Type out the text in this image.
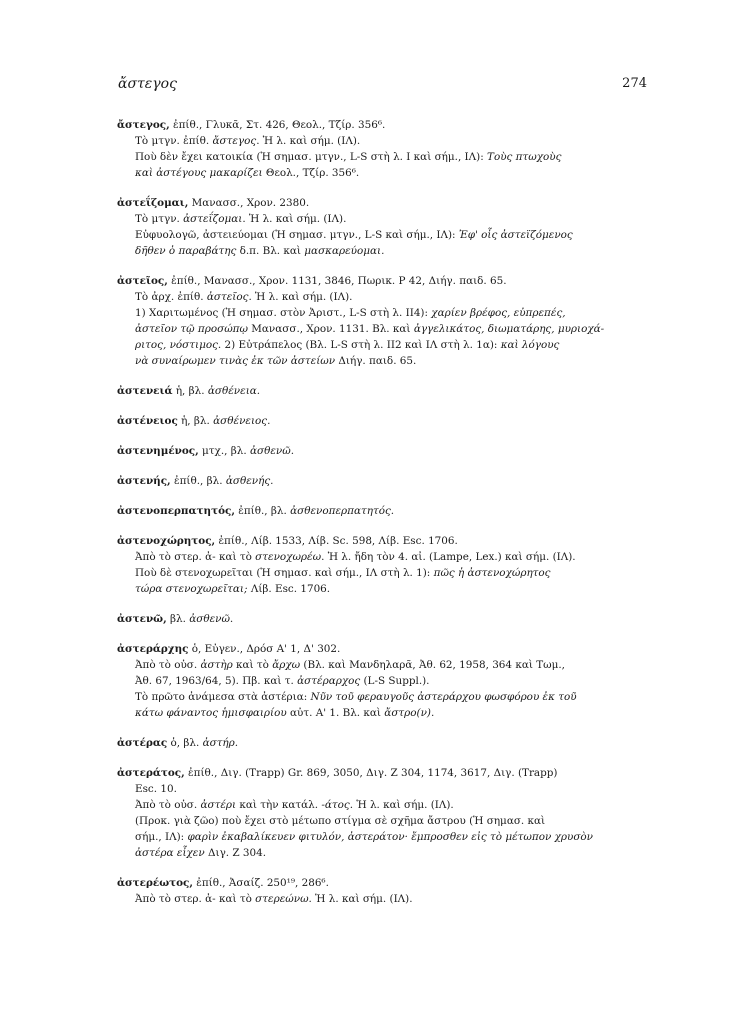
ἄστεγος	274
ἄστεγος, ἐπίθ., Γλυκᾶ, Στ. 426, Θεολ., Τζίρ. 356⁶.
Τὸ μτγν. ἐπίθ. ἄστεγος. Ἡ λ. καὶ σήμ. (ΙΛ).
Ποὺ δὲν ἔχει κατοικία (Ἡ σημασ. μτγν., L-S στὴ λ. Ι καὶ σήμ., ΙΛ): Τοὺς πτωχοὺς
καὶ ἀστέγους μακαρίζει Θεολ., Τζίρ. 356⁶.
ἀστεΐζομαι, Μανασσ., Χρον. 2380.
Τὸ μτγν. ἀστεΐζομαι. Ἡ λ. καὶ σήμ. (ΙΛ).
Εὐφυολογῶ, ἀστειεύομαι (Ἡ σημασ. μτγν., L-S καὶ σήμ., ΙΛ): Ἐφ' οἷς ἀστεϊζόμενος
δῆθεν ὁ παραβάτης δ.π. Βλ. καὶ μασκαρεύομαι.
ἀστεῖος, ἐπίθ., Μανασσ., Χρον. 1131, 3846, Πωρικ. Ρ 42, Διήγ. παιδ. 65.
Τὸ ἀρχ. ἐπίθ. ἀστεῖος. Ἡ λ. καὶ σήμ. (ΙΛ).
1) Χαριτωμένος (Ἡ σημασ. στὸν Ἀριστ., L-S στὴ λ. ΙΙ4): χαρίεν βρέφος, εὐπρεπές,
ἀστεῖον τῷ προσώπῳ Μανασσ., Χρον. 1131. Βλ. καὶ ἀγγελικάτος, διωματάρης, μυριοχά-
ριτος, νόστιμος. 2) Εὐτράπελος (Βλ. L-S στὴ λ. ΙΙ2 καὶ ΙΛ στὴ λ. 1α): καὶ λόγους
νὰ συναίρωμεν τινὰς ἐκ τῶν ἀστείων Διήγ. παιδ. 65.
ἀστενειά ἡ, βλ. ἀσθένεια.
ἀστένειος ἡ, βλ. ἀσθένειος.
ἀστενημένος, μτχ., βλ. ἀσθενῶ.
ἀστενής, ἐπίθ., βλ. ἀσθενής.
ἀστενοπερπατητός, ἐπίθ., βλ. ἀσθενοπερπατητός.
ἀστενοχώρητος, ἐπίθ., Λίβ. 1533, Λίβ. Sc. 598, Λίβ. Esc. 1706.
Ἀπὸ τὸ στερ. ἀ- καὶ τὸ στενοχωρέω. Ἡ λ. ἤδη τὸν 4. αἰ. (Lampe, Lex.) καὶ σήμ. (ΙΛ).
Ποὺ δὲ στενοχωρεῖται (Ἡ σημασ. καὶ σήμ., ΙΛ στὴ λ. 1): πῶς ἡ ἀστενοχώρητος
τώρα στενοχωρεῖται; Λίβ. Esc. 1706.
ἀστενῶ, βλ. ἀσθενῶ.
ἀστεράρχης ὁ, Εὐγεν., Δρόσ Α' 1, Δ' 302.
Ἀπὸ τὸ οὐσ. ἀστὴρ καὶ τὸ ἄρχω (Βλ. καὶ Μανδηλαρᾶ, Ἀθ. 62, 1958, 364 καὶ Τωμ.,
Ἀθ. 67, 1963/64, 5). Πβ. καὶ τ. ἀστέραρχος (L-S Suppl.).
Τὸ πρῶτο ἀνάμεσα στὰ ἀστέρια: Νῦν τοῦ φεραυγοῦς ἀστεράρχου φωσφόρου ἐκ τοῦ
κάτω φάναντος ἡμισφαιρίου αὐτ. Α' 1. Βλ. καὶ ἄστρο(ν).
ἀστέρας ὁ, βλ. ἀστήρ.
ἀστεράτος, ἐπίθ., Διγ. (Trapp) Gr. 869, 3050, Διγ. Ζ 304, 1174, 3617, Διγ. (Trapp)
Esc. 10.
Ἀπὸ τὸ οὐσ. ἀστέρι καὶ τὴν κατάλ. -άτος. Ἡ λ. καὶ σήμ. (ΙΛ).
(Προκ. γιὰ ζῶο) ποὺ ἔχει στὸ μέτωπο στίγμα σὲ σχῆμα ἄστρου (Ἡ σημασ. καὶ
σήμ., ΙΛ): φαρὶν ἐκαβαλίκευεν φιτυλόν, ἀστεράτον· ἔμπροσθεν εἰς τὸ μέτωπον χρυσὸν
ἀστέρα εἶχεν Διγ. Ζ 304.
ἀστερέωτος, ἐπίθ., Ἀσαίζ. 250¹⁹, 286⁶.
Ἀπὸ τὸ στερ. ἀ- καὶ τὸ στερεώνω. Ἡ λ. καὶ σήμ. (ΙΛ).
